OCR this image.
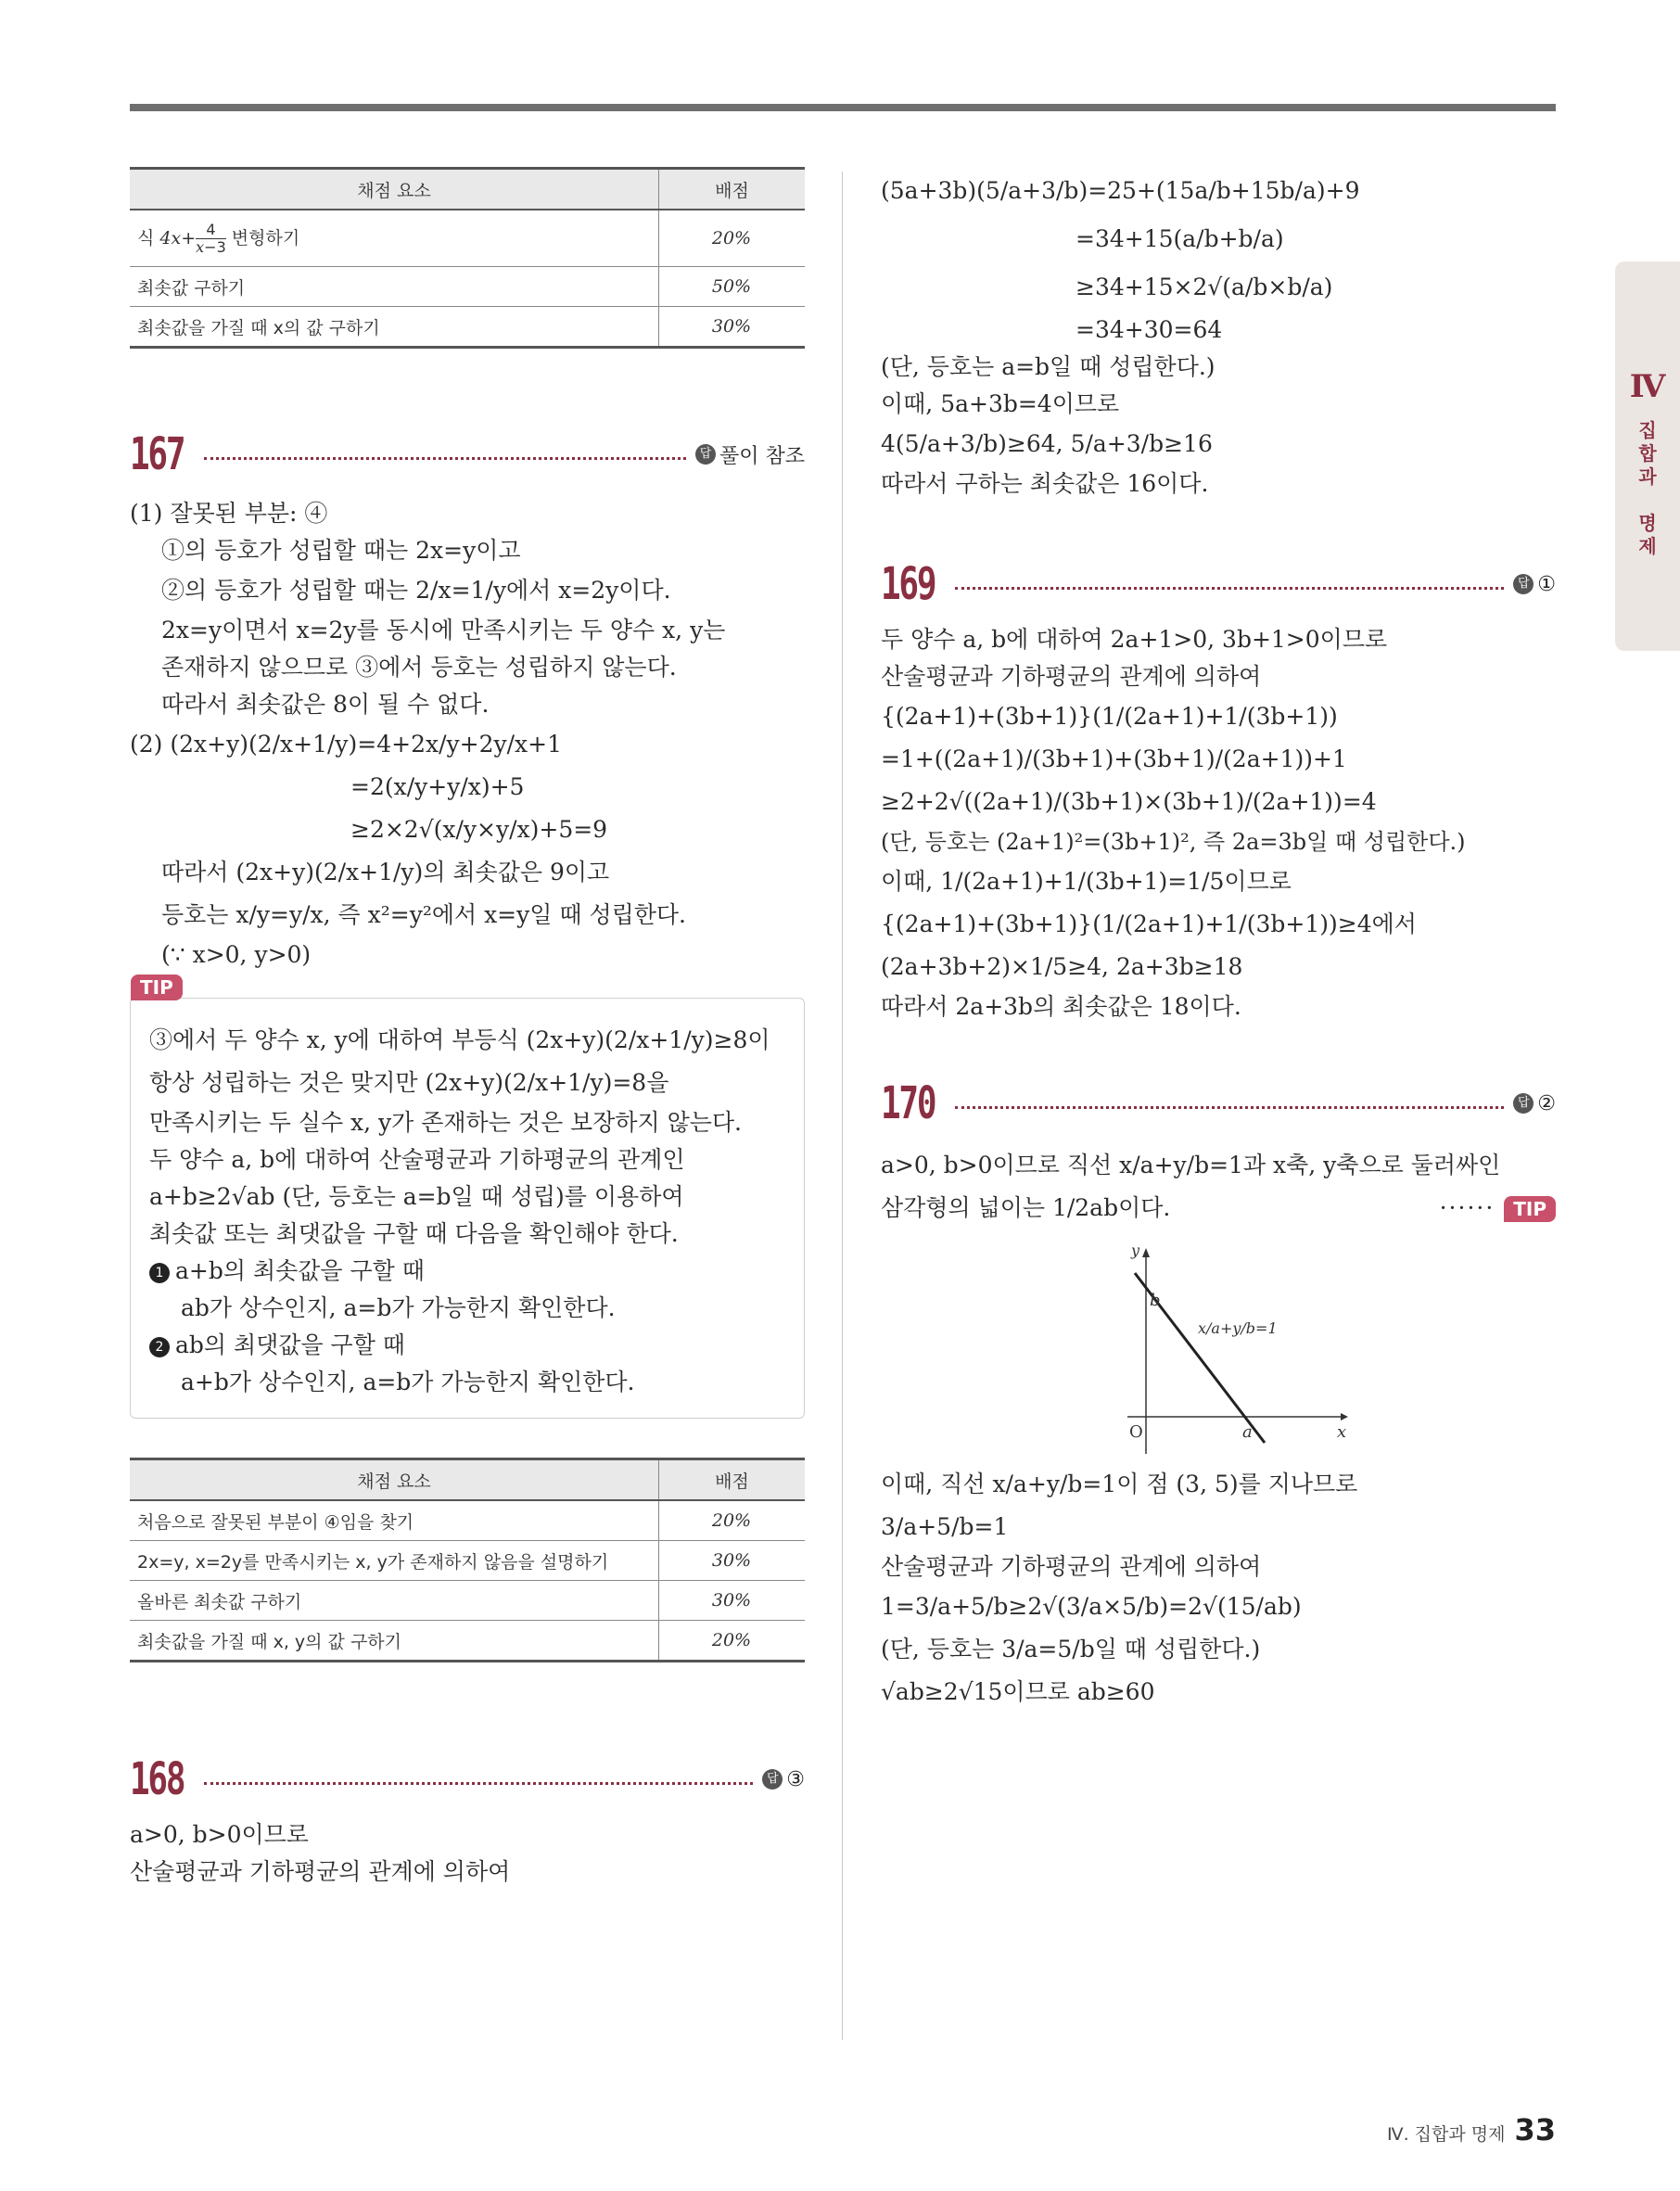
채점 요소	배점
식 $4x+ \frac{4}{x-3}$ 변형하기	20%
최솟값 구하기	50%
최솟값을 가질 때 x의 값 구하기	30%
167	답 풀이 참조
(1) 잘못된 부분: ④
①의 등호가 성립할 때는 2x=y이고
②의 등호가 성립할 때는 2/x=1/y에서 x=2y이다.
2x=y이면서 x=2y를 동시에 만족시키는 두 양수 x, y는
존재하지 않으므로 ③에서 등호는 성립하지 않는다.
따라서 최솟값은 8이 될 수 없다.
(2) (2x+y)(2/x+1/y)=4+2x/y+2y/x+1
=2(x/y+y/x)+5
≥2×2√(x/y×y/x)+5=9
따라서 (2x+y)(2/x+1/y)의 최솟값은 9이고
등호는 x/y=y/x, 즉 x²=y²에서 x=y일 때 성립한다.
(∵ x>0, y>0)
TIP
③에서 두 양수 x, y에 대하여 부등식 (2x+y)(2/x+1/y)≥8이
항상 성립하는 것은 맞지만 (2x+y)(2/x+1/y)=8을
만족시키는 두 실수 x, y가 존재하는 것은 보장하지 않는다.
두 양수 a, b에 대하여 산술평균과 기하평균의 관계인
a+b≥2√ab (단, 등호는 a=b일 때 성립)를 이용하여
최솟값 또는 최댓값을 구할 때 다음을 확인해야 한다.
1 a+b의 최솟값을 구할 때
ab가 상수인지, a=b가 가능한지 확인한다.
2 ab의 최댓값을 구할 때
a+b가 상수인지, a=b가 가능한지 확인한다.
채점 요소	배점
처음으로 잘못된 부분이 ④임을 찾기	20%
2x=y, x=2y를 만족시키는 x, y가 존재하지 않음을 설명하기	30%
올바른 최솟값 구하기	30%
최솟값을 가질 때 x, y의 값 구하기	20%
168	답 ③
a>0, b>0이므로
산술평균과 기하평균의 관계에 의하여
(5a+3b)(5/a+3/b)=25+(15a/b+15b/a)+9
=34+15(a/b+b/a)
≥34+15×2√(a/b×b/a)
=34+30=64
(단, 등호는 a=b일 때 성립한다.)
이때, 5a+3b=4이므로
4(5/a+3/b)≥64, 5/a+3/b≥16
따라서 구하는 최솟값은 16이다.
169	답 ①
두 양수 a, b에 대하여 2a+1>0, 3b+1>0이므로
산술평균과 기하평균의 관계에 의하여
{(2a+1)+(3b+1)}(1/(2a+1)+1/(3b+1))
=1+((2a+1)/(3b+1)+(3b+1)/(2a+1))+1
≥2+2√((2a+1)/(3b+1)×(3b+1)/(2a+1))=4
(단, 등호는 (2a+1)²=(3b+1)², 즉 2a=3b일 때 성립한다.)
이때, 1/(2a+1)+1/(3b+1)=1/5이므로
{(2a+1)+(3b+1)}(1/(2a+1)+1/(3b+1))≥4에서
(2a+3b+2)×1/5≥4, 2a+3b≥18
따라서 2a+3b의 최솟값은 18이다.
170	답 ②
a>0, b>0이므로 직선 x/a+y/b=1과 x축, y축으로 둘러싸인
삼각형의 넓이는 1/2ab이다.	······ TIP
x
y
O	a
b
x/a+y/b=1
이때, 직선 x/a+y/b=1이 점 (3, 5)를 지나므로
3/a+5/b=1
산술평균과 기하평균의 관계에 의하여
1=3/a+5/b≥2√(3/a×5/b)=2√(15/ab)
(단, 등호는 3/a=5/b일 때 성립한다.)
√ab≥2√15이므로 ab≥60
Ⅳ
집
합
과

명
제
Ⅳ. 집합과 명제 33
